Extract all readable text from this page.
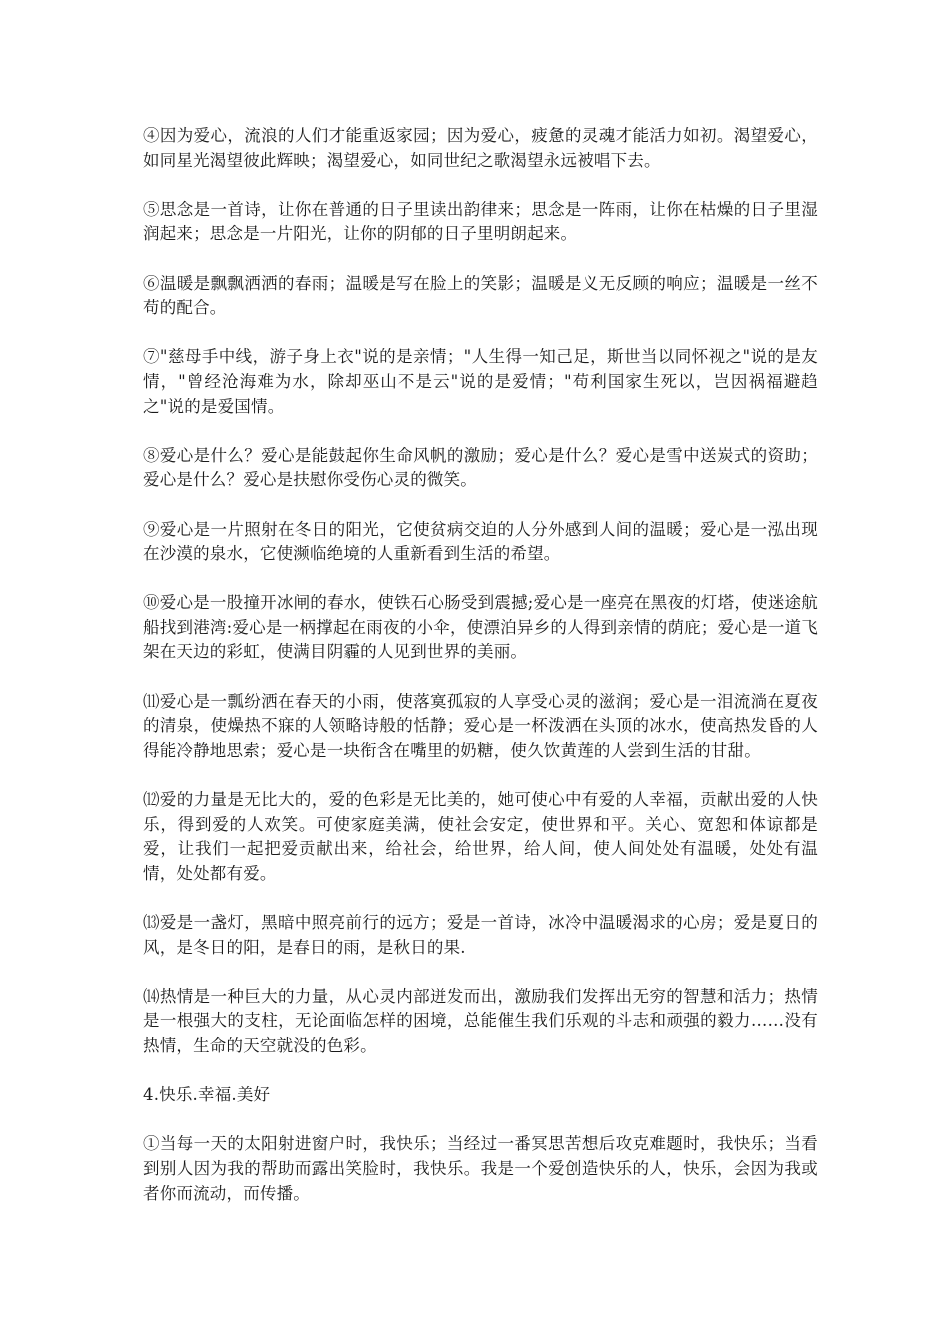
④因为爱心，流浪的人们才能重返家园；因为爱心，疲惫的灵魂才能活力如初。渴望爱心，如同星光渴望彼此辉映；渴望爱心，如同世纪之歌渴望永远被唱下去。

⑤思念是一首诗，让你在普通的日子里读出韵律来；思念是一阵雨，让你在枯燥的日子里湿润起来；思念是一片阳光，让你的阴郁的日子里明朗起来。

⑥温暖是飘飘洒洒的春雨；温暖是写在脸上的笑影；温暖是义无反顾的响应；温暖是一丝不苟的配合。

⑦"慈母手中线，游子身上衣"说的是亲情；"人生得一知己足，斯世当以同怀视之"说的是友情，"曾经沧海难为水，除却巫山不是云"说的是爱情；"苟利国家生死以，岂因祸福避趋之"说的是爱国情。

⑧爱心是什么？爱心是能鼓起你生命风帆的激励；爱心是什么？爱心是雪中送炭式的资助；爱心是什么？爱心是扶慰你受伤心灵的微笑。

⑨爱心是一片照射在冬日的阳光，它使贫病交迫的人分外感到人间的温暖；爱心是一泓出现在沙漠的泉水，它使濒临绝境的人重新看到生活的希望。

⑩爱心是一股撞开冰闸的春水，使铁石心肠受到震撼;爱心是一座亮在黑夜的灯塔，使迷途航船找到港湾:爱心是一柄撑起在雨夜的小伞，使漂泊异乡的人得到亲情的荫庇；爱心是一道飞架在天边的彩虹，使满目阴霾的人见到世界的美丽。

⑾爱心是一瓢纷洒在春天的小雨，使落寞孤寂的人享受心灵的滋润；爱心是一泪流淌在夏夜的清泉，使燥热不寐的人领略诗般的恬静；爱心是一杯泼洒在头顶的冰水，使高热发昏的人得能冷静地思索；爱心是一块衔含在嘴里的奶糖，使久饮黄莲的人尝到生活的甘甜。

⑿爱的力量是无比大的，爱的色彩是无比美的，她可使心中有爱的人幸福，贡献出爱的人快乐，得到爱的人欢笑。可使家庭美满，使社会安定，使世界和平。关心、宽恕和体谅都是爱，让我们一起把爱贡献出来，给社会，给世界，给人间，使人间处处有温暖，处处有温情，处处都有爱。

⒀爱是一盏灯，黑暗中照亮前行的远方；爱是一首诗，冰冷中温暖渴求的心房；爱是夏日的风，是冬日的阳，是春日的雨，是秋日的果.

⒁热情是一种巨大的力量，从心灵内部迸发而出，激励我们发挥出无穷的智慧和活力；热情是一根强大的支柱，无论面临怎样的困境，总能催生我们乐观的斗志和顽强的毅力……没有热情，生命的天空就没的色彩。

4.快乐.幸福.美好

①当每一天的太阳射进窗户时，我快乐；当经过一番冥思苦想后攻克难题时，我快乐；当看到别人因为我的帮助而露出笑脸时，我快乐。我是一个爱创造快乐的人，快乐，会因为我或者你而流动，而传播。
